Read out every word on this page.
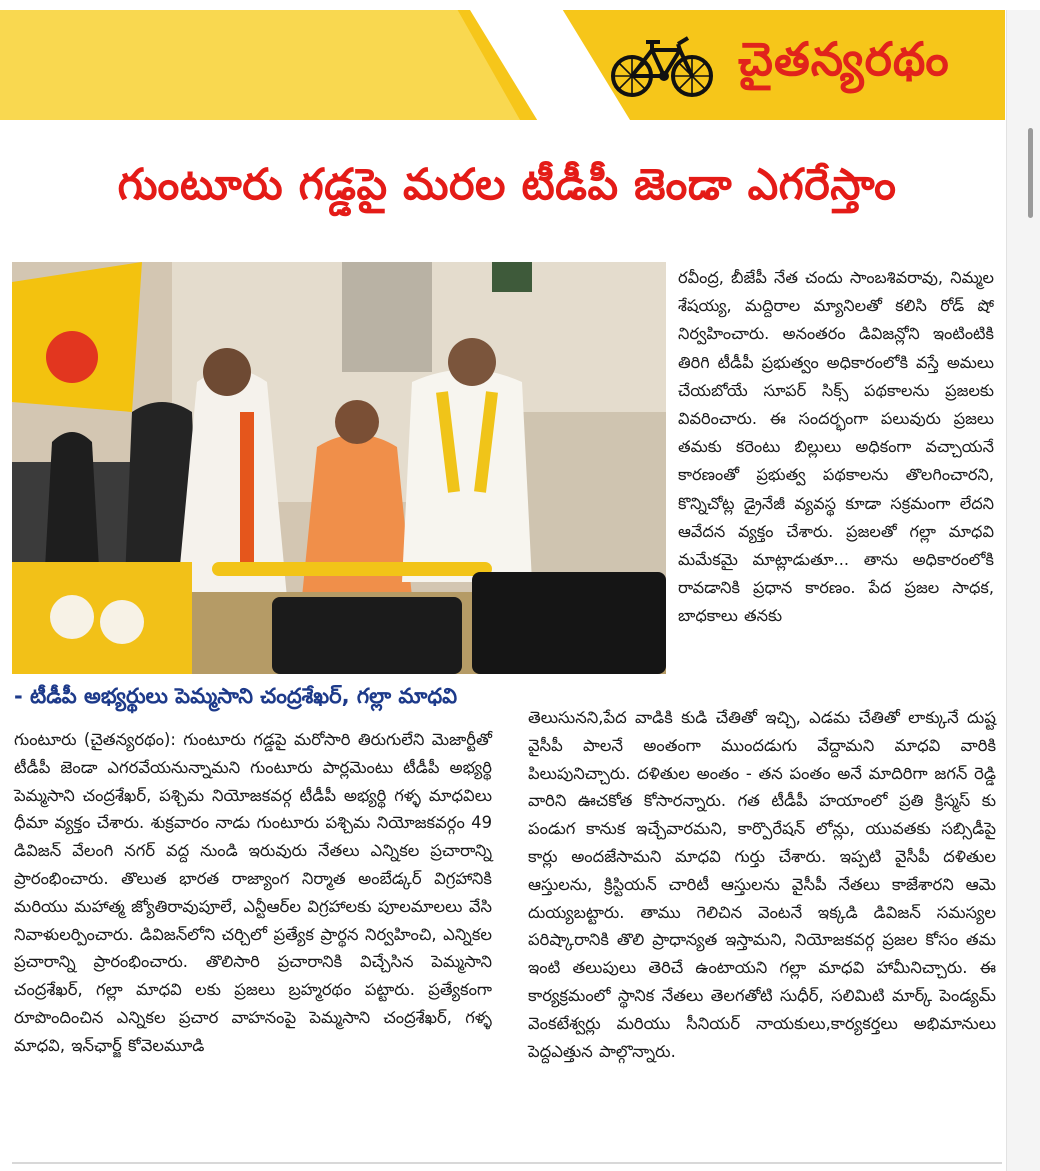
చైతన్యరథం
గుంటూరు గడ్డపై మరల టీడీపీ జెండా ఎగరేస్తాం
- టీడీపీ అభ్యర్థులు పెమ్మసాని చంద్రశేఖర్‌, గల్లా మాధవి

రవీంద్ర, బీజేపీ నేత చందు సాంబశివరావు, నిమ్మల శేషయ్య, మద్దిరాల మ్యానిలతో కలిసి రోడ్‌ షో నిర్వహించారు. అనంతరం డివిజన్లోని ఇంటింటికి తిరిగి టీడీపీ ప్రభుత్వం అధికారంలోకి వస్తే అమలు చేయబోయే సూపర్‌ సిక్స్‌ పథకాలను ప్రజలకు వివరించారు. ఈ సందర్భంగా పలువురు ప్రజలు తమకు కరెంటు బిల్లులు అధికంగా వచ్చాయనే కారణంతో ప్రభుత్వ పథకాలను తొలగించారని, కొన్నిచోట్ల డ్రైనేజీ వ్యవస్థ కూడా సక్రమంగా లేదని ఆవేదన వ్యక్తం చేశారు. ప్రజలతో గల్లా మాధవి మమేకమై మాట్లాడుతూ... తాను అధికారంలోకి రావడానికి ప్రధాన కారణం. పేద ప్రజల సాధక, బాధకాలు తనకు

తెలుసునని,పేద వాడికి కుడి చేతితో ఇచ్చి, ఎడమ చేతితో లాక్కునే దుష్ట వైసీపీ పాలనే అంతంగా ముందడుగు వేద్దామని మాధవి వారికి పిలుపునిచ్చారు. దళితుల అంతం - తన పంతం అనే మాదిరిగా జగన్‌ రెడ్డి వారిని ఊచకోత కోసారన్నారు. గత టీడీపీ హయాంలో ప్రతి క్రిస్మస్‌ కు పండుగ కానుక ఇచ్చేవారమని, కార్పొరేషన్‌ లోన్లు, యువతకు సబ్సిడీపై కార్లు అందజేసామని మాధవి గుర్తు చేశారు. ఇప్పటి వైసీపీ దళితుల ఆస్తులను, క్రిస్టియన్‌ చారిటీ ఆస్తులను వైసీపీ నేతలు కాజేశారని ఆమె దుయ్యబట్టారు. తాము గెలిచిన వెంటనే ఇక్కడి డివిజన్‌ సమస్యల పరిష్కారానికి తొలి ప్రాధాన్యత ఇస్తామని, నియోజకవర్గ ప్రజల కోసం తమ ఇంటి తలుపులు తెరిచే ఉంటాయని గల్లా మాధవి హామీనిచ్చారు. ఈ కార్యక్రమంలో స్థానిక నేతలు తెలగతోటి సుధీర్‌, సలిమిటి మార్క్‌ పెండ్యమ్‌ వెంకటేశ్వర్లు మరియు సీనియర్‌ నాయకులు,కార్యకర్తలు అభిమానులు పెద్దఎత్తున పాల్గొన్నారు.

గుంటూరు (చైతన్యరథం): గుంటూరు గడ్డపై మరోసారి తిరుగులేని మెజార్టీతో టీడీపీ జెండా ఎగరవేయనున్నామని గుంటూరు పార్లమెంటు టీడీపీ అభ్యర్థి పెమ్మసాని చంద్రశేఖర్‌, పశ్చిమ నియోజకవర్గ టీడీపీ అభ్యర్థి గళ్ళ మాధవిలు ధీమా వ్యక్తం చేశారు. శుక్రవారం నాడు గుంటూరు పశ్చిమ నియోజకవర్గం 49 డివిజన్‌ వేలంగి నగర్‌ వద్ద నుండి ఇరువురు నేతలు ఎన్నికల ప్రచారాన్ని ప్రారంభించారు. తొలుత భారత రాజ్యాంగ నిర్మాత అంబేడ్కర్‌ విగ్రహానికి మరియు మహాత్మ జ్యోతిరావుపూలే, ఎన్టీఆర్‌ల విగ్రహాలకు పూలమాలలు వేసి నివాళులర్పించారు. డివిజన్‌లోని చర్చిలో ప్రత్యేక ప్రార్థన నిర్వహించి, ఎన్నికల ప్రచారాన్ని ప్రారంభించారు. తొలిసారి ప్రచారానికి విచ్చేసిన పెమ్మసాని చంద్రశేఖర్‌, గల్లా మాధవి లకు ప్రజలు బ్రహ్మరథం పట్టారు. ప్రత్యేకంగా రూపొందించిన ఎన్నికల ప్రచార వాహనంపై పెమ్మసాని చంద్రశేఖర్‌, గళ్ళ మాధవి, ఇన్‌ఛార్జ్‌ కోవెలమూడి
